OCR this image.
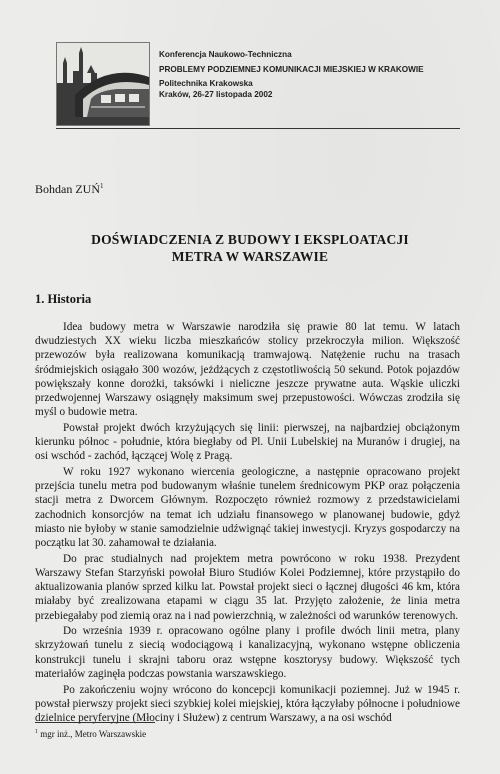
Konferencja Naukowo-Techniczna
PROBLEMY PODZIEMNEJ KOMUNIKACJI MIEJSKIEJ W KRAKOWIE
Politechnika Krakowska
Kraków, 26-27 listopada 2002
Bohdan ZUŃ$^1$
DOŚWIADCZENIA Z BUDOWY I EKSPLOATACJI
METRA W WARSZAWIE
1. Historia

Idea budowy metra w Warszawie narodziła się prawie 80 lat temu. W latach dwudziestych XX wieku liczba mieszkańców stolicy przekroczyła milion. Większość przewozów była realizowana komunikacją tramwajową. Natężenie ruchu na trasach śródmiejskich osiągało 300 wozów, jeżdżących z częstotliwością 50 sekund. Potok pojazdów powiększały konne dorożki, taksówki i nieliczne jeszcze prywatne auta. Wąskie uliczki przedwojennej Warszawy osiągnęły maksimum swej przepustowości. Wówczas zrodziła się myśl o budowie metra.

Powstał projekt dwóch krzyżujących się linii: pierwszej, na najbardziej obciążonym kierunku północ - południe, która biegłaby od Pl. Unii Lubelskiej na Muranów i drugiej, na osi wschód - zachód, łączącej Wolę z Pragą.

W roku 1927 wykonano wiercenia geologiczne, a następnie opracowano projekt przejścia tunelu metra pod budowanym właśnie tunelem średnicowym PKP oraz połączenia stacji metra z Dworcem Głównym. Rozpoczęto również rozmowy z przedstawicielami zachodnich konsorcjów na temat ich udziału finansowego w planowanej budowie, gdyż miasto nie byłoby w stanie samodzielnie udźwignąć takiej inwestycji. Kryzys gospodarczy na początku lat 30. zahamował te działania.

Do prac studialnych nad projektem metra powrócono w roku 1938. Prezydent Warszawy Stefan Starzyński powołał Biuro Studiów Kolei Podziemnej, które przystąpiło do aktualizowania planów sprzed kilku lat. Powstał projekt sieci o łącznej długości 46 km, która miałaby być zrealizowana etapami w ciągu 35 lat. Przyjęto założenie, że linia metra przebiegałaby pod ziemią oraz na i nad powierzchnią, w zależności od warunków terenowych.

Do września 1939 r. opracowano ogólne plany i profile dwóch linii metra, plany skrzyżowań tunelu z siecią wodociągową i kanalizacyjną, wykonano wstępne obliczenia konstrukcji tunelu i skrajni taboru oraz wstępne kosztorysy budowy. Większość tych materiałów zaginęła podczas powstania warszawskiego.

Po zakończeniu wojny wrócono do koncepcji komunikacji poziemnej. Już w 1945 r. powstał pierwszy projekt sieci szybkiej kolei miejskiej, która łączyłaby północne i południowe dzielnice peryferyjne (Młociny i Służew) z centrum Warszawy, a na osi wschód

$^1$ mgr inż., Metro Warszawskie
